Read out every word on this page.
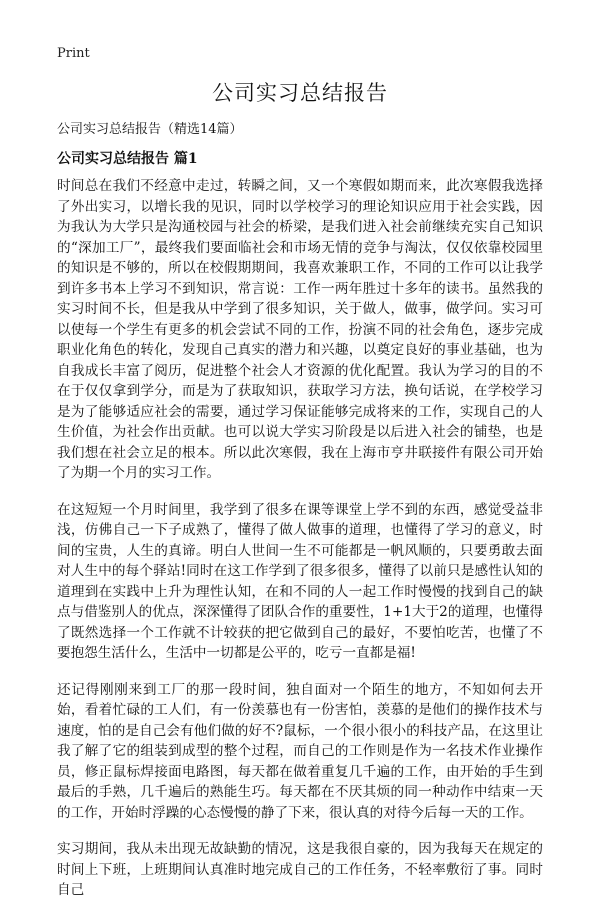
Print
公司实习总结报告
公司实习总结报告（精选14篇）
公司实习总结报告 篇1

时间总在我们不经意中走过，转瞬之间，又一个寒假如期而来，此次寒假我选择了外出实习，以增长我的见识，同时以学校学习的理论知识应用于社会实践，因为我认为大学只是沟通校园与社会的桥梁，是我们进入社会前继续充实自己知识的“深加工厂”，最终我们要面临社会和市场无情的竞争与淘汰，仅仅依靠校园里的知识是不够的，所以在校假期期间，我喜欢兼职工作，不同的工作可以让我学到许多书本上学习不到知识，常言说：工作一两年胜过十多年的读书。虽然我的实习时间不长，但是我从中学到了很多知识，关于做人，做事，做学问。实习可以使每一个学生有更多的机会尝试不同的工作，扮演不同的社会角色，逐步完成职业化角色的转化，发现自己真实的潜力和兴趣，以奠定良好的事业基础，也为自我成长丰富了阅历，促进整个社会人才资源的优化配置。我认为学习的目的不在于仅仅拿到学分，而是为了获取知识，获取学习方法，换句话说，在学校学习是为了能够适应社会的需要，通过学习保证能够完成将来的工作，实现自己的人生价值，为社会作出贡献。也可以说大学实习阶段是以后进入社会的铺垫，也是我们想在社会立足的根本。所以此次寒假，我在上海市亨井联接件有限公司开始了为期一个月的实习工作。

在这短短一个月时间里，我学到了很多在课等课堂上学不到的东西，感觉受益非浅，仿佛自己一下子成熟了，懂得了做人做事的道理，也懂得了学习的意义，时间的宝贵，人生的真谛。明白人世间一生不可能都是一帆风顺的，只要勇敢去面对人生中的每个驿站!同时在这工作学到了很多很多，懂得了以前只是感性认知的道理到在实践中上升为理性认知，在和不同的人一起工作时慢慢的找到自己的缺点与借鉴别人的优点，深深懂得了团队合作的重要性，1+1大于2的道理，也懂得了既然选择一个工作就不计较获的把它做到自己的最好，不要怕吃苦，也懂了不要抱怨生活什么，生活中一切都是公平的，吃亏一直都是福!

还记得刚刚来到工厂的那一段时间，独自面对一个陌生的地方，不知如何去开始，看着忙碌的工人们，有一份羡慕也有一份害怕，羡慕的是他们的操作技术与速度，怕的是自己会有他们做的好不?鼠标，一个很小很小的科技产品，在这里让我了解了它的组装到成型的整个过程，而自己的工作则是作为一名技术作业操作员，修正鼠标焊接面电路图，每天都在做着重复几千遍的工作，由开始的手生到最后的手熟，几千遍后的熟能生巧。每天都在不厌其烦的同一种动作中结束一天的工作，开始时浮躁的心态慢慢的静了下来，很认真的对待今后每一天的工作。

实习期间，我从未出现无故缺勤的情况，这是我很自豪的，因为我每天在规定的时间上下班，上班期间认真准时地完成自己的工作任务，不轻率敷衍了事。同时自己
